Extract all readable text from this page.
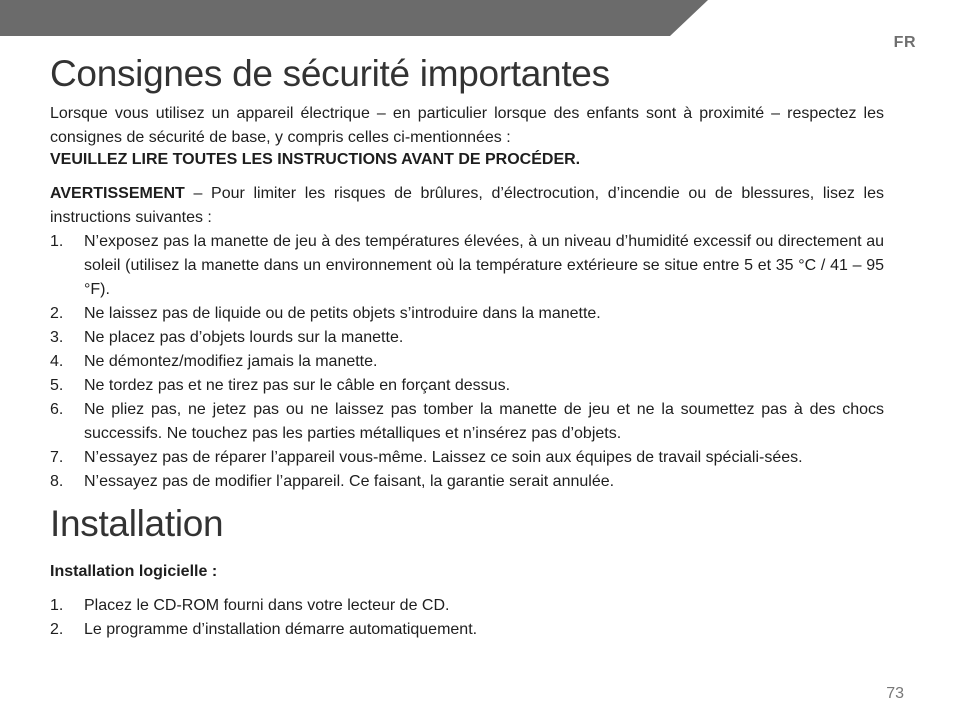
FR
Consignes de sécurité importantes

Lorsque vous utilisez un appareil électrique – en particulier lorsque des enfants sont à proximité – respectez les consignes de sécurité de base, y compris celles ci-mentionnées :

VEUILLEZ LIRE TOUTES LES INSTRUCTIONS AVANT DE PROCÉDER.

AVERTISSEMENT – Pour limiter les risques de brûlures, d’électrocution, d’incendie ou de blessures, lisez les instructions suivantes :

1.	N’exposez pas la manette de jeu à des températures élevées, à un niveau d’humidité excessif ou directement au soleil (utilisez la manette dans un environnement où la température extérieure se situe entre 5 et 35 °C / 41 – 95 °F).
2.	Ne laissez pas de liquide ou de petits objets s’introduire dans la manette.
3.	Ne placez pas d’objets lourds sur la manette.
4.	Ne démontez/modifiez jamais la manette.
5.	Ne tordez pas et ne tirez pas sur le câble en forçant dessus.
6.	Ne pliez pas, ne jetez pas ou ne laissez pas tomber la manette de jeu et ne la soumettez pas à des chocs successifs. Ne touchez pas les parties métalliques et n’insérez pas d’objets.
7.	N’essayez pas de réparer l’appareil vous-même. Laissez ce soin aux équipes de travail spéciali-sées.
8.	N’essayez pas de modifier l’appareil. Ce faisant, la garantie serait annulée.
Installation

Installation logicielle :

1.	Placez le CD-ROM fourni dans votre lecteur de CD.
2.	Le programme d’installation démarre automatiquement.
73
